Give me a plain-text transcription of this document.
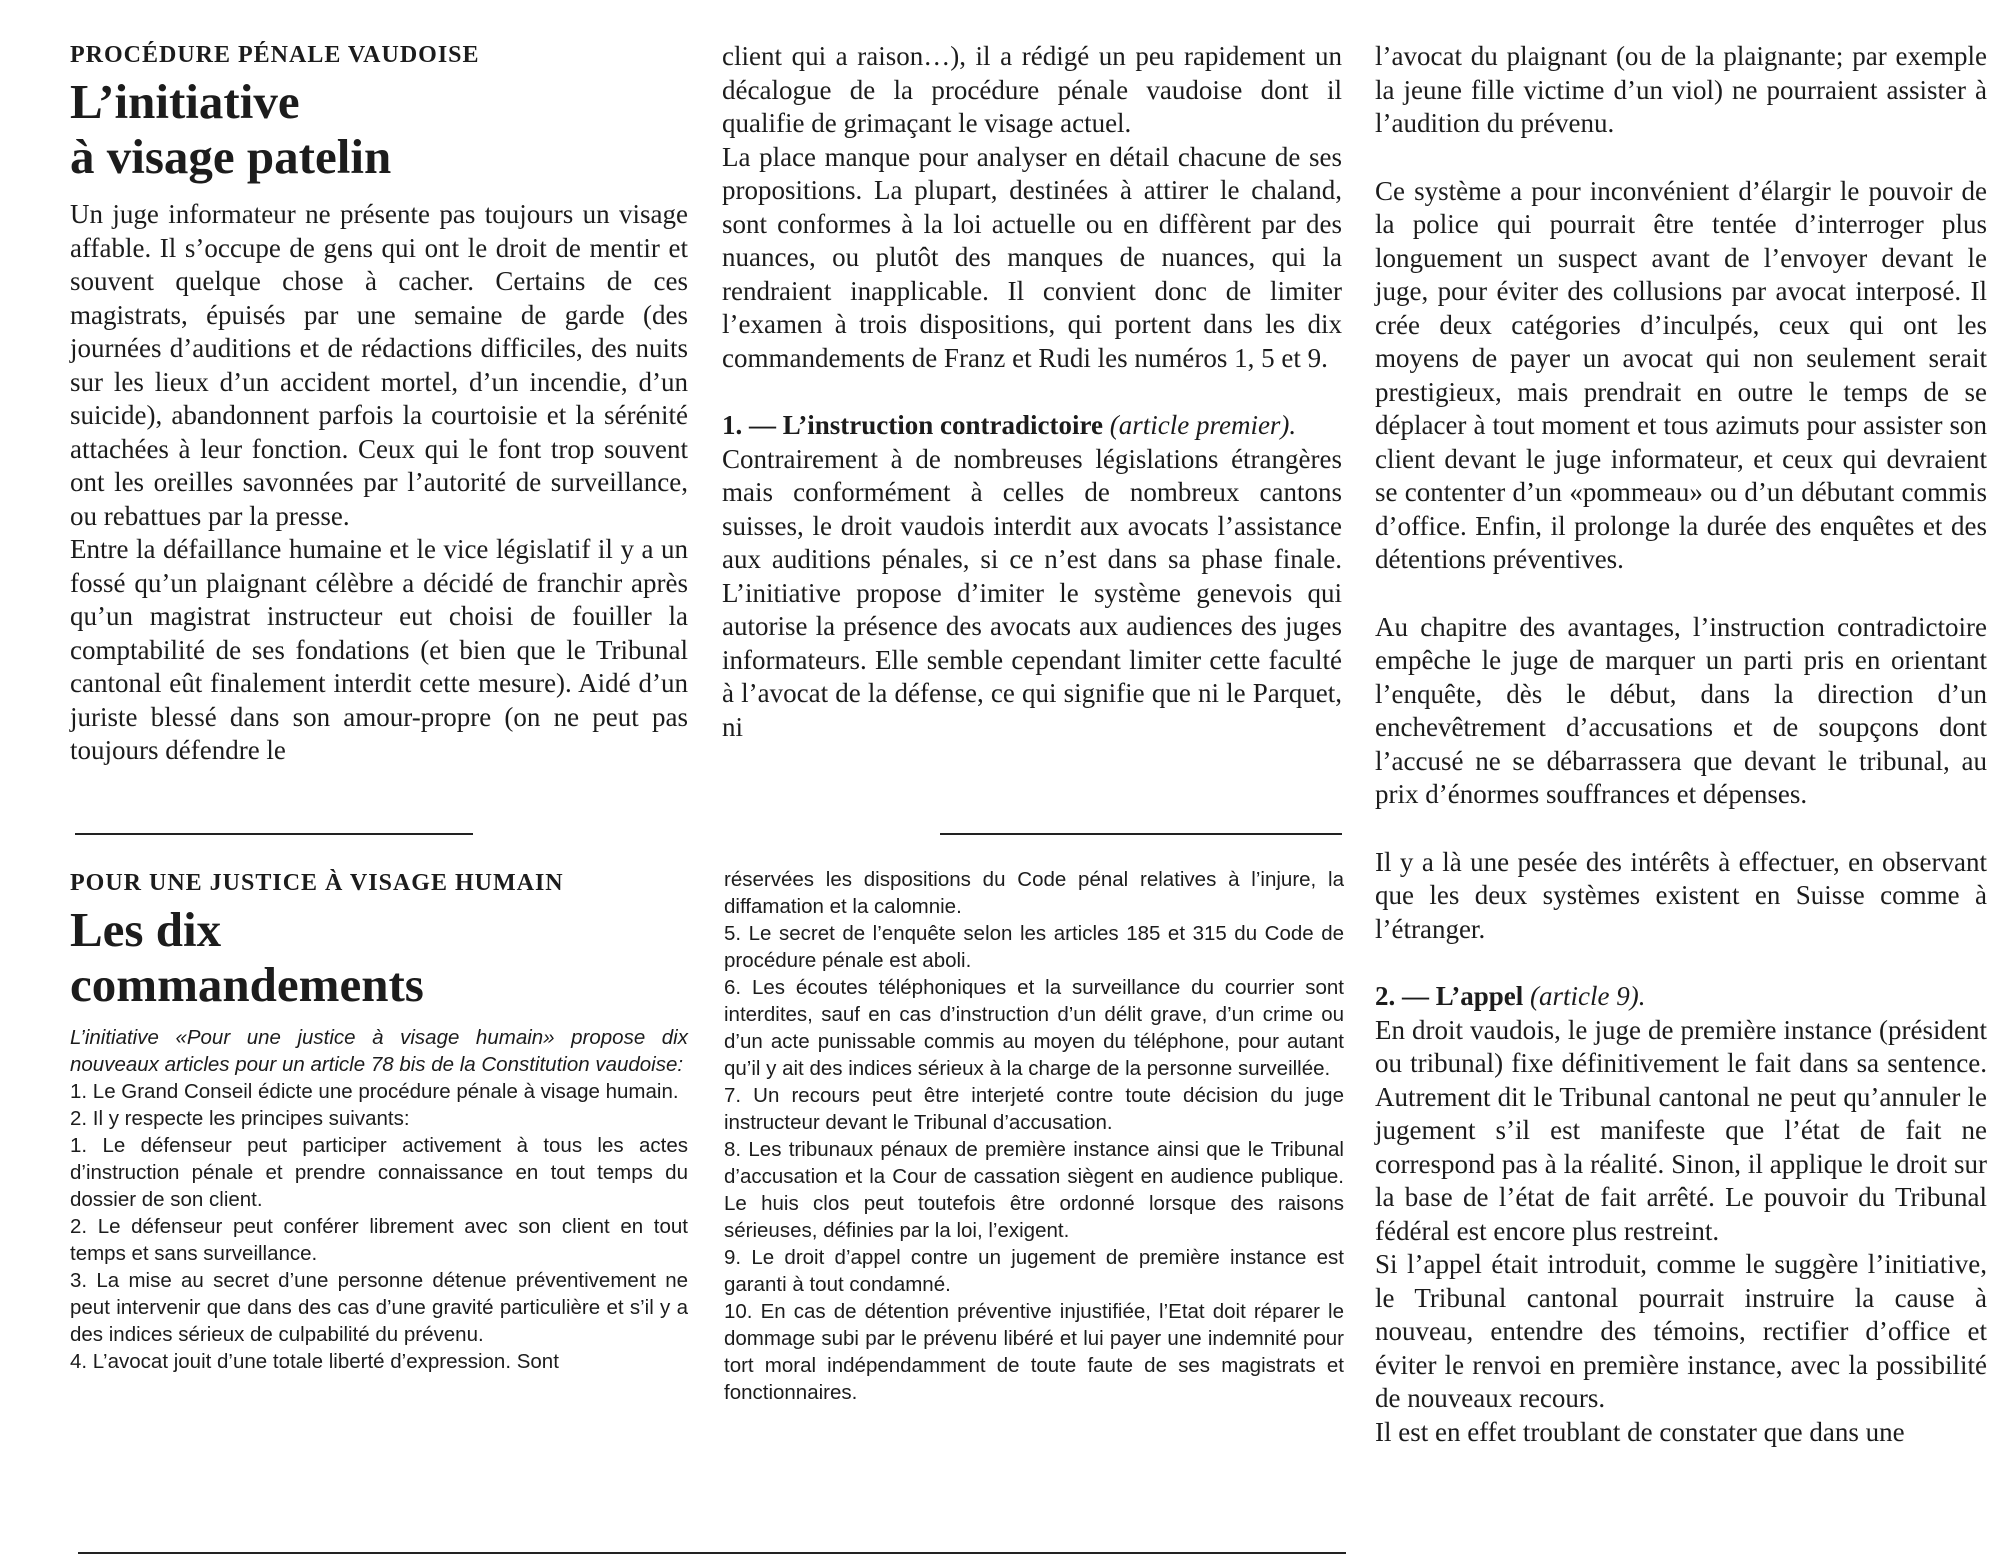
PROCÉDURE PÉNALE VAUDOISE

L’initiative

à visage patelin

Un juge informateur ne présente pas toujours un visage affable. Il s’occupe de gens qui ont le droit de mentir et souvent quelque chose à cacher. Certains de ces magistrats, épuisés par une semaine de garde (des journées d’auditions et de rédactions difficiles, des nuits sur les lieux d’un accident mortel, d’un incendie, d’un suicide), abandonnent parfois la courtoisie et la sérénité attachées à leur fonction. Ceux qui le font trop souvent ont les oreilles savonnées par l’autorité de surveillance, ou rebattues par la presse.

Entre la défaillance humaine et le vice législatif il y a un fossé qu’un plaignant célèbre a décidé de franchir après qu’un magistrat instructeur eut choisi de fouiller la comptabilité de ses fondations (et bien que le Tribunal cantonal eût finalement interdit cette mesure). Aidé d’un juriste blessé dans son amour-propre (on ne peut pas toujours défendre le

client qui a raison…), il a rédigé un peu rapidement un décalogue de la procédure pénale vaudoise dont il qualifie de grimaçant le visage actuel.

La place manque pour analyser en détail chacune de ses propositions. La plupart, destinées à attirer le chaland, sont conformes à la loi actuelle ou en diffèrent par des nuances, ou plutôt des manques de nuances, qui la rendraient inapplicable. Il convient donc de limiter l’examen à trois dispositions, qui portent dans les dix commandements de Franz et Rudi les numéros 1, 5 et 9.

1. — L’instruction contradictoire (article premier).

Contrairement à de nombreuses législations étrangères mais conformément à celles de nombreux cantons suisses, le droit vaudois interdit aux avocats l’assistance aux auditions pénales, si ce n’est dans sa phase finale. L’initiative propose d’imiter le système genevois qui autorise la présence des avocats aux audiences des juges informateurs. Elle semble cependant limiter cette faculté à l’avocat de la défense, ce qui signifie que ni le Parquet, ni

l’avocat du plaignant (ou de la plaignante; par exemple la jeune fille victime d’un viol) ne pourraient assister à l’audition du prévenu.

Ce système a pour inconvénient d’élargir le pouvoir de la police qui pourrait être tentée d’interroger plus longuement un suspect avant de l’envoyer devant le juge, pour éviter des collusions par avocat interposé. Il crée deux catégories d’inculpés, ceux qui ont les moyens de payer un avocat qui non seulement serait prestigieux, mais prendrait en outre le temps de se déplacer à tout moment et tous azimuts pour assister son client devant le juge informateur, et ceux qui devraient se contenter d’un «pommeau» ou d’un débutant commis d’office. Enfin, il prolonge la durée des enquêtes et des détentions préventives.

Au chapitre des avantages, l’instruction contradictoire empêche le juge de marquer un parti pris en orientant l’enquête, dès le début, dans la direction d’un enchevêtrement d’accusations et de soupçons dont l’accusé ne se débarrassera que devant le tribunal, au prix d’énormes souffrances et dépenses.

Il y a là une pesée des intérêts à effectuer, en observant que les deux systèmes existent en Suisse comme à l’étranger.

2. — L’appel (article 9).

En droit vaudois, le juge de première instance (président ou tribunal) fixe définitivement le fait dans sa sentence. Autrement dit le Tribunal cantonal ne peut qu’annuler le jugement s’il est manifeste que l’état de fait ne correspond pas à la réalité. Sinon, il applique le droit sur la base de l’état de fait arrêté. Le pouvoir du Tribunal fédéral est encore plus restreint.

Si l’appel était introduit, comme le suggère l’initiative, le Tribunal cantonal pourrait instruire la cause à nouveau, entendre des témoins, rectifier d’office et éviter le renvoi en première instance, avec la possibilité de nouveaux recours.

Il est en effet troublant de constater que dans une

POUR UNE JUSTICE À VISAGE HUMAIN

Les dix

commandements

L’initiative «Pour une justice à visage humain» propose dix nouveaux articles pour un article 78 bis de la Constitution vaudoise:

1. Le Grand Conseil édicte une procédure pénale à visage humain.

2. Il y respecte les principes suivants:

1. Le défenseur peut participer activement à tous les actes d’instruction pénale et prendre connaissance en tout temps du dossier de son client.

2. Le défenseur peut conférer librement avec son client en tout temps et sans surveillance.

3. La mise au secret d’une personne détenue préventivement ne peut intervenir que dans des cas d’une gravité particulière et s’il y a des indices sérieux de culpabilité du prévenu.

4. L’avocat jouit d’une totale liberté d’expression. Sont

réservées les dispositions du Code pénal relatives à l’injure, la diffamation et la calomnie.

5. Le secret de l’enquête selon les articles 185 et 315 du Code de procédure pénale est aboli.

6. Les écoutes téléphoniques et la surveillance du courrier sont interdites, sauf en cas d’instruction d’un délit grave, d’un crime ou d’un acte punissable commis au moyen du téléphone, pour autant qu’il y ait des indices sérieux à la charge de la personne surveillée.

7. Un recours peut être interjeté contre toute décision du juge instructeur devant le Tribunal d’accusation.

8. Les tribunaux pénaux de première instance ainsi que le Tribunal d’accusation et la Cour de cassation siègent en audience publique. Le huis clos peut toutefois être ordonné lorsque des raisons sérieuses, définies par la loi, l’exigent.

9. Le droit d’appel contre un jugement de première instance est garanti à tout condamné.

10. En cas de détention préventive injustifiée, l’Etat doit réparer le dommage subi par le prévenu libéré et lui payer une indemnité pour tort moral indépendamment de toute faute de ses magistrats et fonctionnaires.
